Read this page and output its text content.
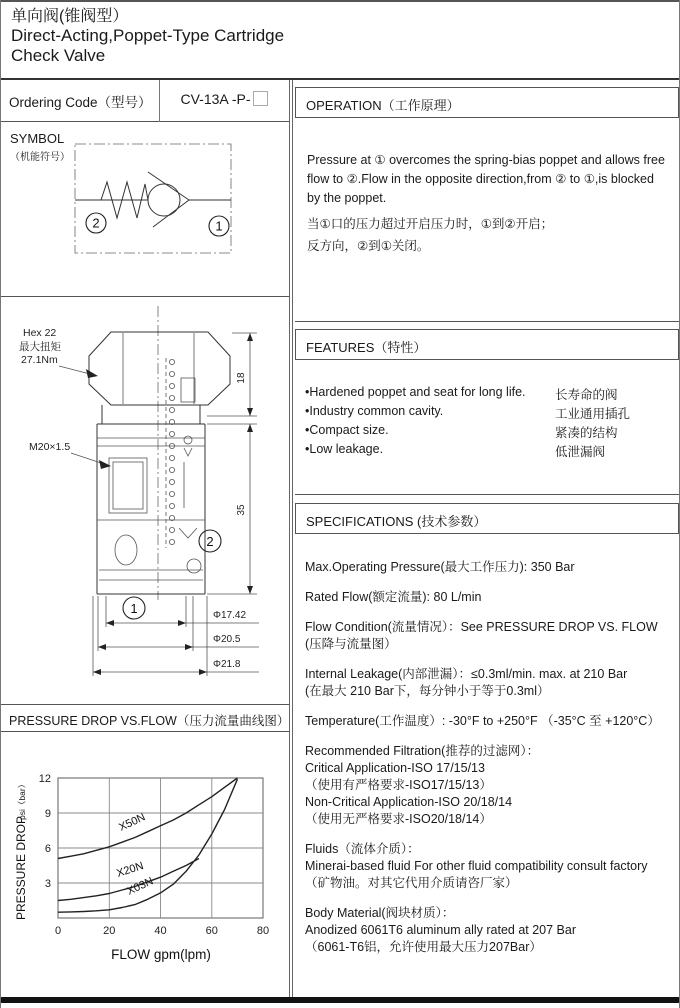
单向阀(锥阀型）
Direct-Acting,Poppet-Type Cartridge
Check Valve
Ordering Code（型号）	CV-13A -P-
SYMBOL
（机能符号）
2	1
18
35
2
1	Φ17.42
Φ20.5
Φ21.8
Hex 22
最大扭矩
27.1Nm
M20×1.5
PRESSURE DROP VS.FLOW（压力流量曲线图）
X50N
X20N
X03N
0	20	40	60	80
3
6
9
12
FLOW gpm(lpm)
PRESSURE DROP
psi（bar）
OPERATION（工作原理）
Pressure at ① overcomes the spring-bias poppet and allows free flow to ②.Flow in the opposite direction,from ② to ①,is blocked by the poppet.
当①口的压力超过开启压力时，①到②开启；
反方向，②到①关闭。
FEATURES（特性）
•Hardened poppet and seat for long life. 长寿命的阀
•Industry common cavity.	工业通用插孔
•Compact size.	紧凑的结构
•Low leakage.	低泄漏阀
SPECIFICATIONS (技术参数）
Max.Operating Pressure(最大工作压力): 350 Bar
Rated Flow(额定流量): 80 L/min
Flow Condition(流量情况）：See PRESSURE DROP VS. FLOW
(压降与流量图）
Internal Leakage(内部泄漏）：≤0.3ml/min. max. at 210 Bar
(在最大 210 Bar下，每分钟小于等于0.3ml）
Temperature(工作温度）: -30°F to +250°F （-35°C 至 +120°C）
Recommended Filtration(推荐的过滤网）：
Critical Application-ISO 17/15/13
（使用有严格要求-ISO17/15/13）
Non-Critical Application-ISO 20/18/14
（使用无严格要求-ISO20/18/14）
Fluids（流体介质）：
Minerai-based fluid For other fluid compatibility consult factory
（矿物油。对其它代用介质请咨厂家）
Body Material(阀块材质）：
Anodized 6061T6 aluminum ally rated at 207 Bar
（6061-T6铝，允许使用最大压力207Bar）
